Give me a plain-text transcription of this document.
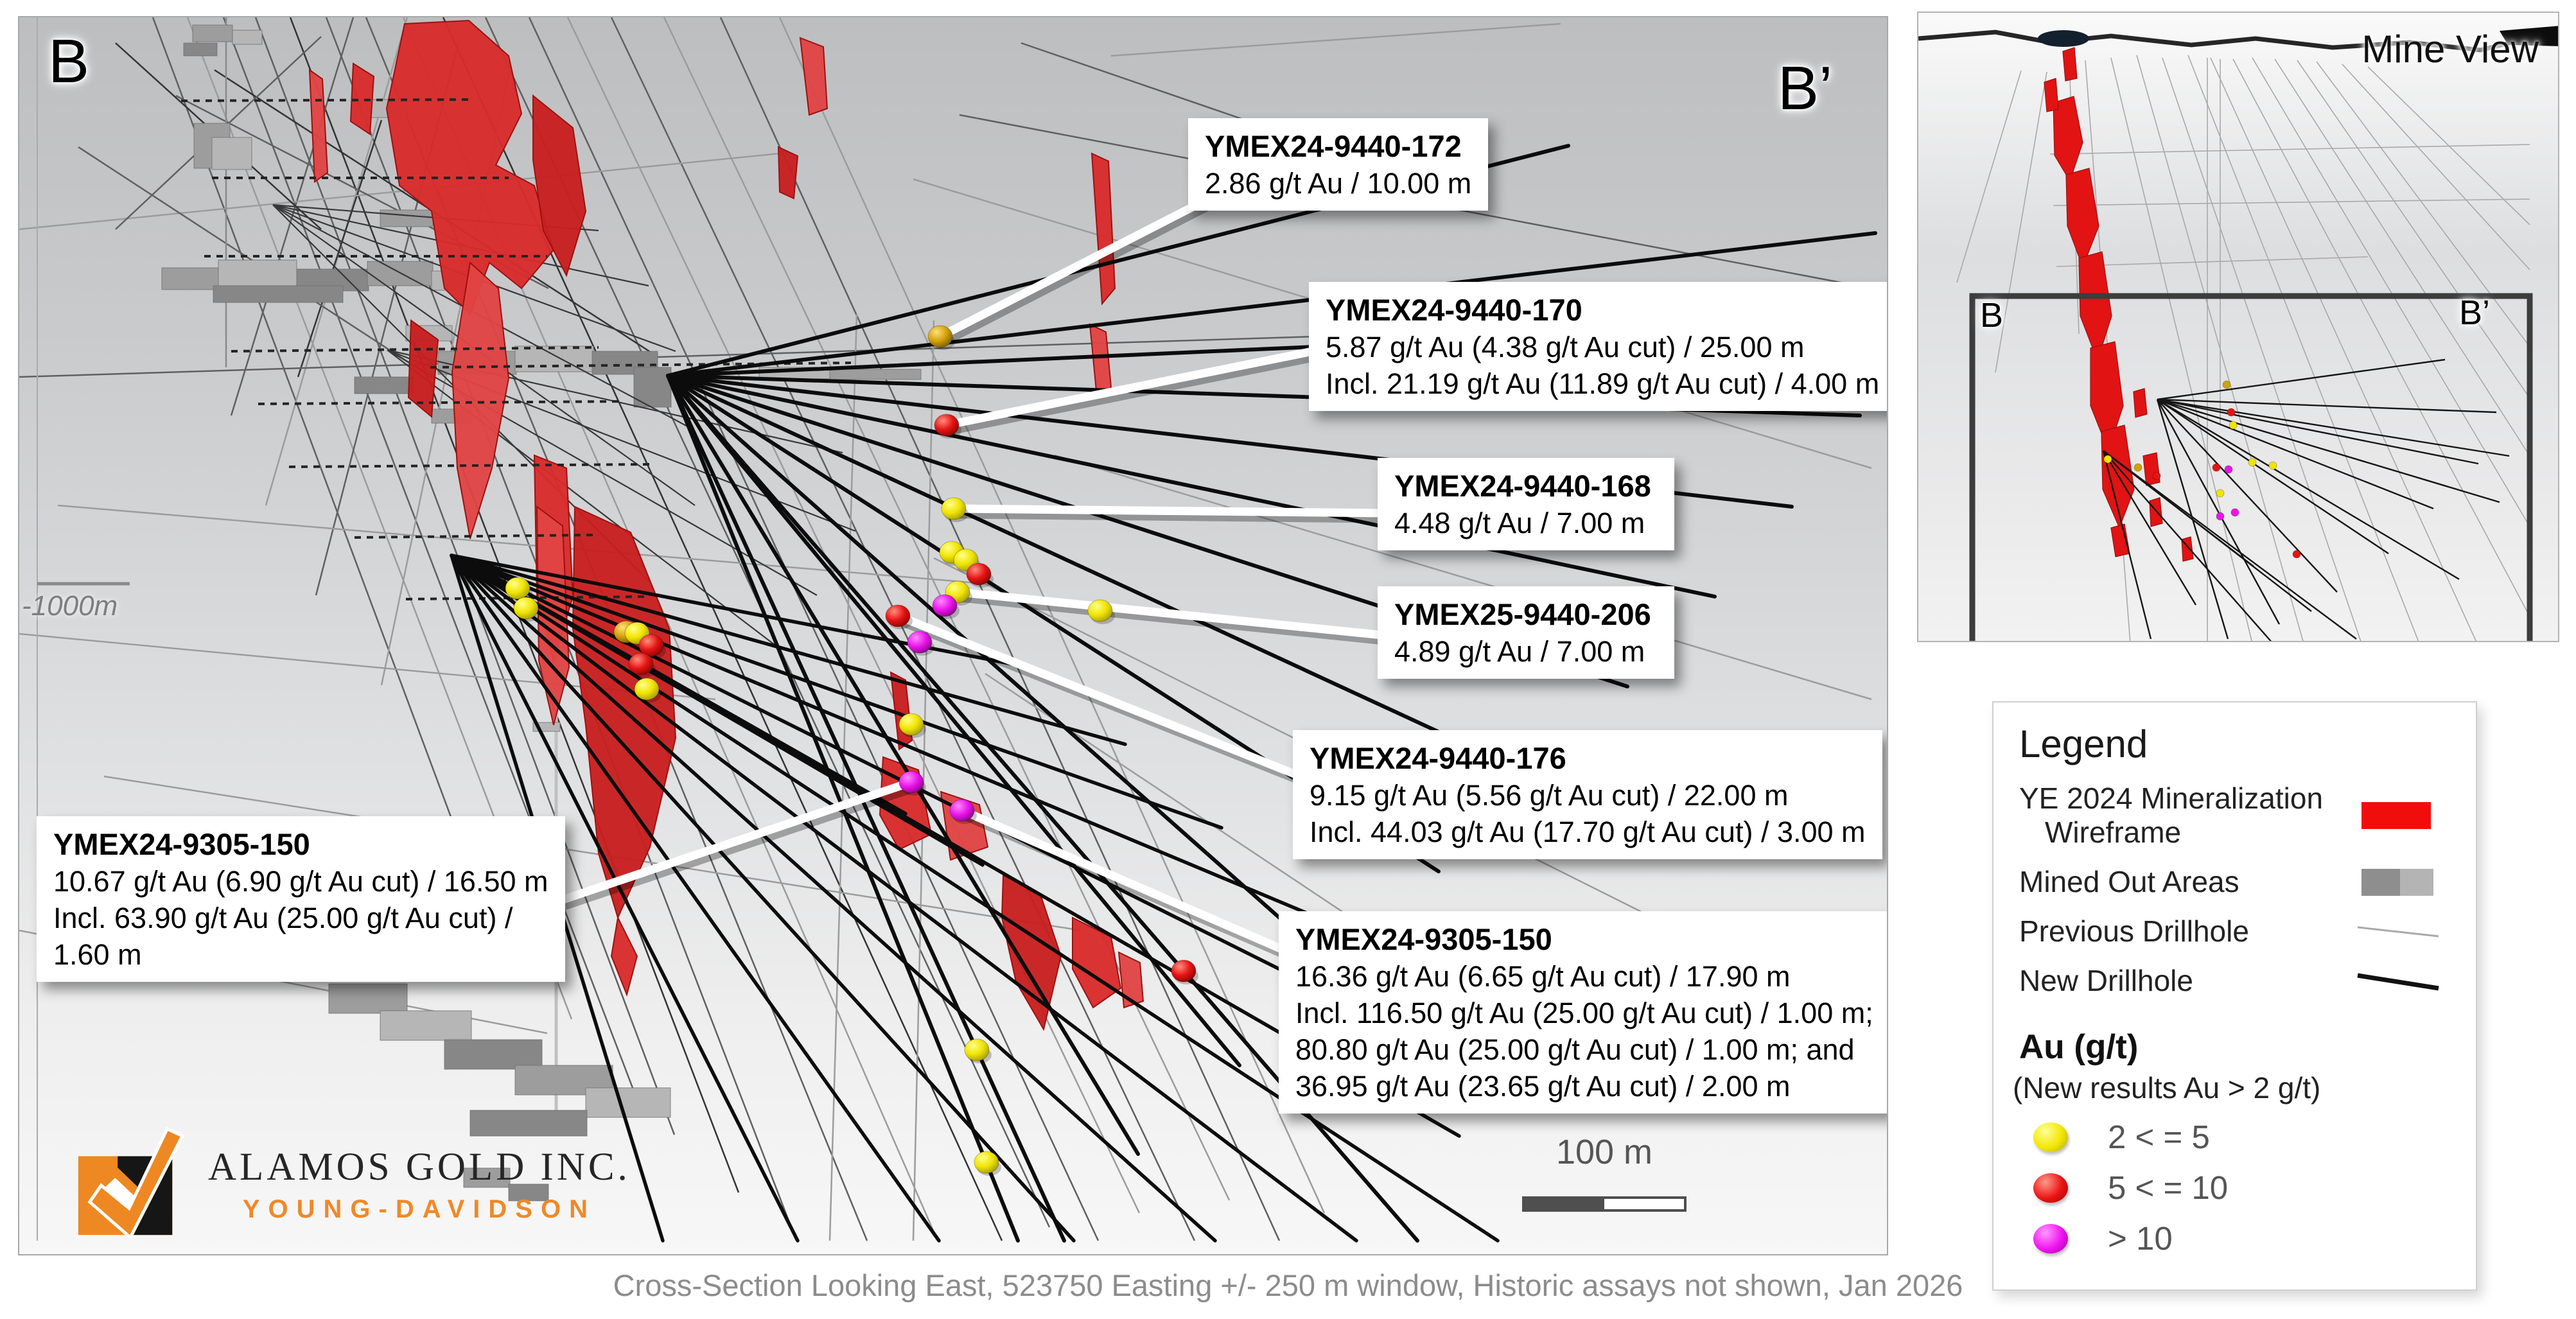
B	B’
-1000m
YMEX24-9440-172
2.86 g/t Au / 10.00 m
YMEX24-9440-170
5.87 g/t Au (4.38 g/t Au cut) / 25.00 m
Incl. 21.19 g/t Au (11.89 g/t Au cut) / 4.00 m
YMEX24-9440-168
4.48 g/t Au / 7.00 m
YMEX25-9440-206
4.89 g/t Au / 7.00 m
YMEX24-9440-176
9.15 g/t Au (5.56 g/t Au cut) / 22.00 m
Incl. 44.03 g/t Au (17.70 g/t Au cut) / 3.00 m
YMEX24-9305-150
16.36 g/t Au (6.65 g/t Au cut) / 17.90 m
Incl. 116.50 g/t Au (25.00 g/t Au cut) / 1.00 m;
80.80 g/t Au (25.00 g/t Au cut) / 1.00 m; and
36.95 g/t Au (23.65 g/t Au cut) / 2.00 m
YMEX24-9305-150
10.67 g/t Au (6.90 g/t Au cut) / 16.50 m
Incl. 63.90 g/t Au (25.00 g/t Au cut) /
1.60 m
ALAMOS GOLD INC.
YOUNG-DAVIDSON
100 m
Mine View
B	B’
Legend
YE 2024 Mineralization
Wireframe
Mined Out Areas
Previous Drillhole
New Drillhole
Au (g/t)
(New results Au > 2 g/t)
2 < = 5
5 < = 10
> 10
Cross-Section Looking East, 523750 Easting +/- 250 m window, Historic assays not shown, Jan 2026
